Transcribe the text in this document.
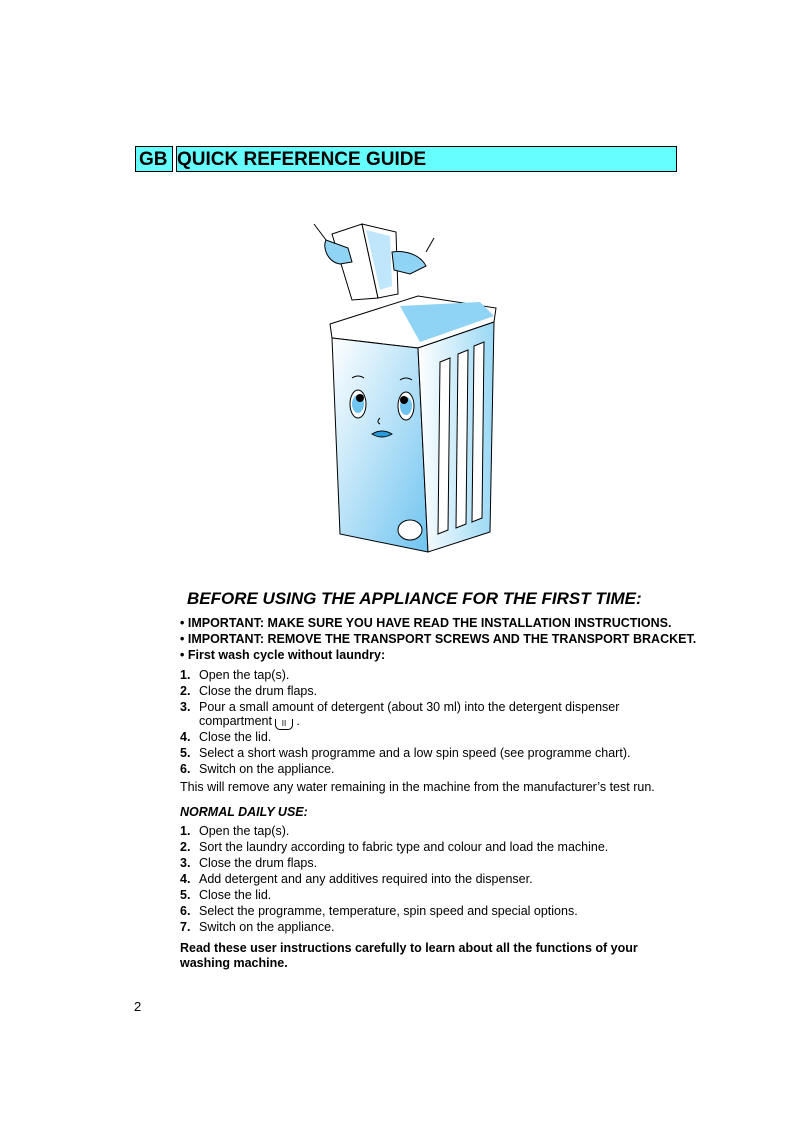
GB QUICK REFERENCE GUIDE
BEFORE USING THE APPLIANCE FOR THE FIRST TIME:
• IMPORTANT: MAKE SURE YOU HAVE READ THE INSTALLATION INSTRUCTIONS.
• IMPORTANT: REMOVE THE TRANSPORT SCREWS AND THE TRANSPORT BRACKET.
• First wash cycle without laundry:
1. Open the tap(s).
2. Close the drum flaps.
3. Pour a small amount of detergent (about 30 ml) into the detergent dispenser
compartment II .
4. Close the lid.
5. Select a short wash programme and a low spin speed (see programme chart).
6. Switch on the appliance.
This will remove any water remaining in the machine from the manufacturer’s test run.
NORMAL DAILY USE:
1. Open the tap(s).
2. Sort the laundry according to fabric type and colour and load the machine.
3. Close the drum flaps.
4. Add detergent and any additives required into the dispenser.
5. Close the lid.
6. Select the programme, temperature, spin speed and special options.
7. Switch on the appliance.
Read these user instructions carefully to learn about all the functions of your washing machine.
2
